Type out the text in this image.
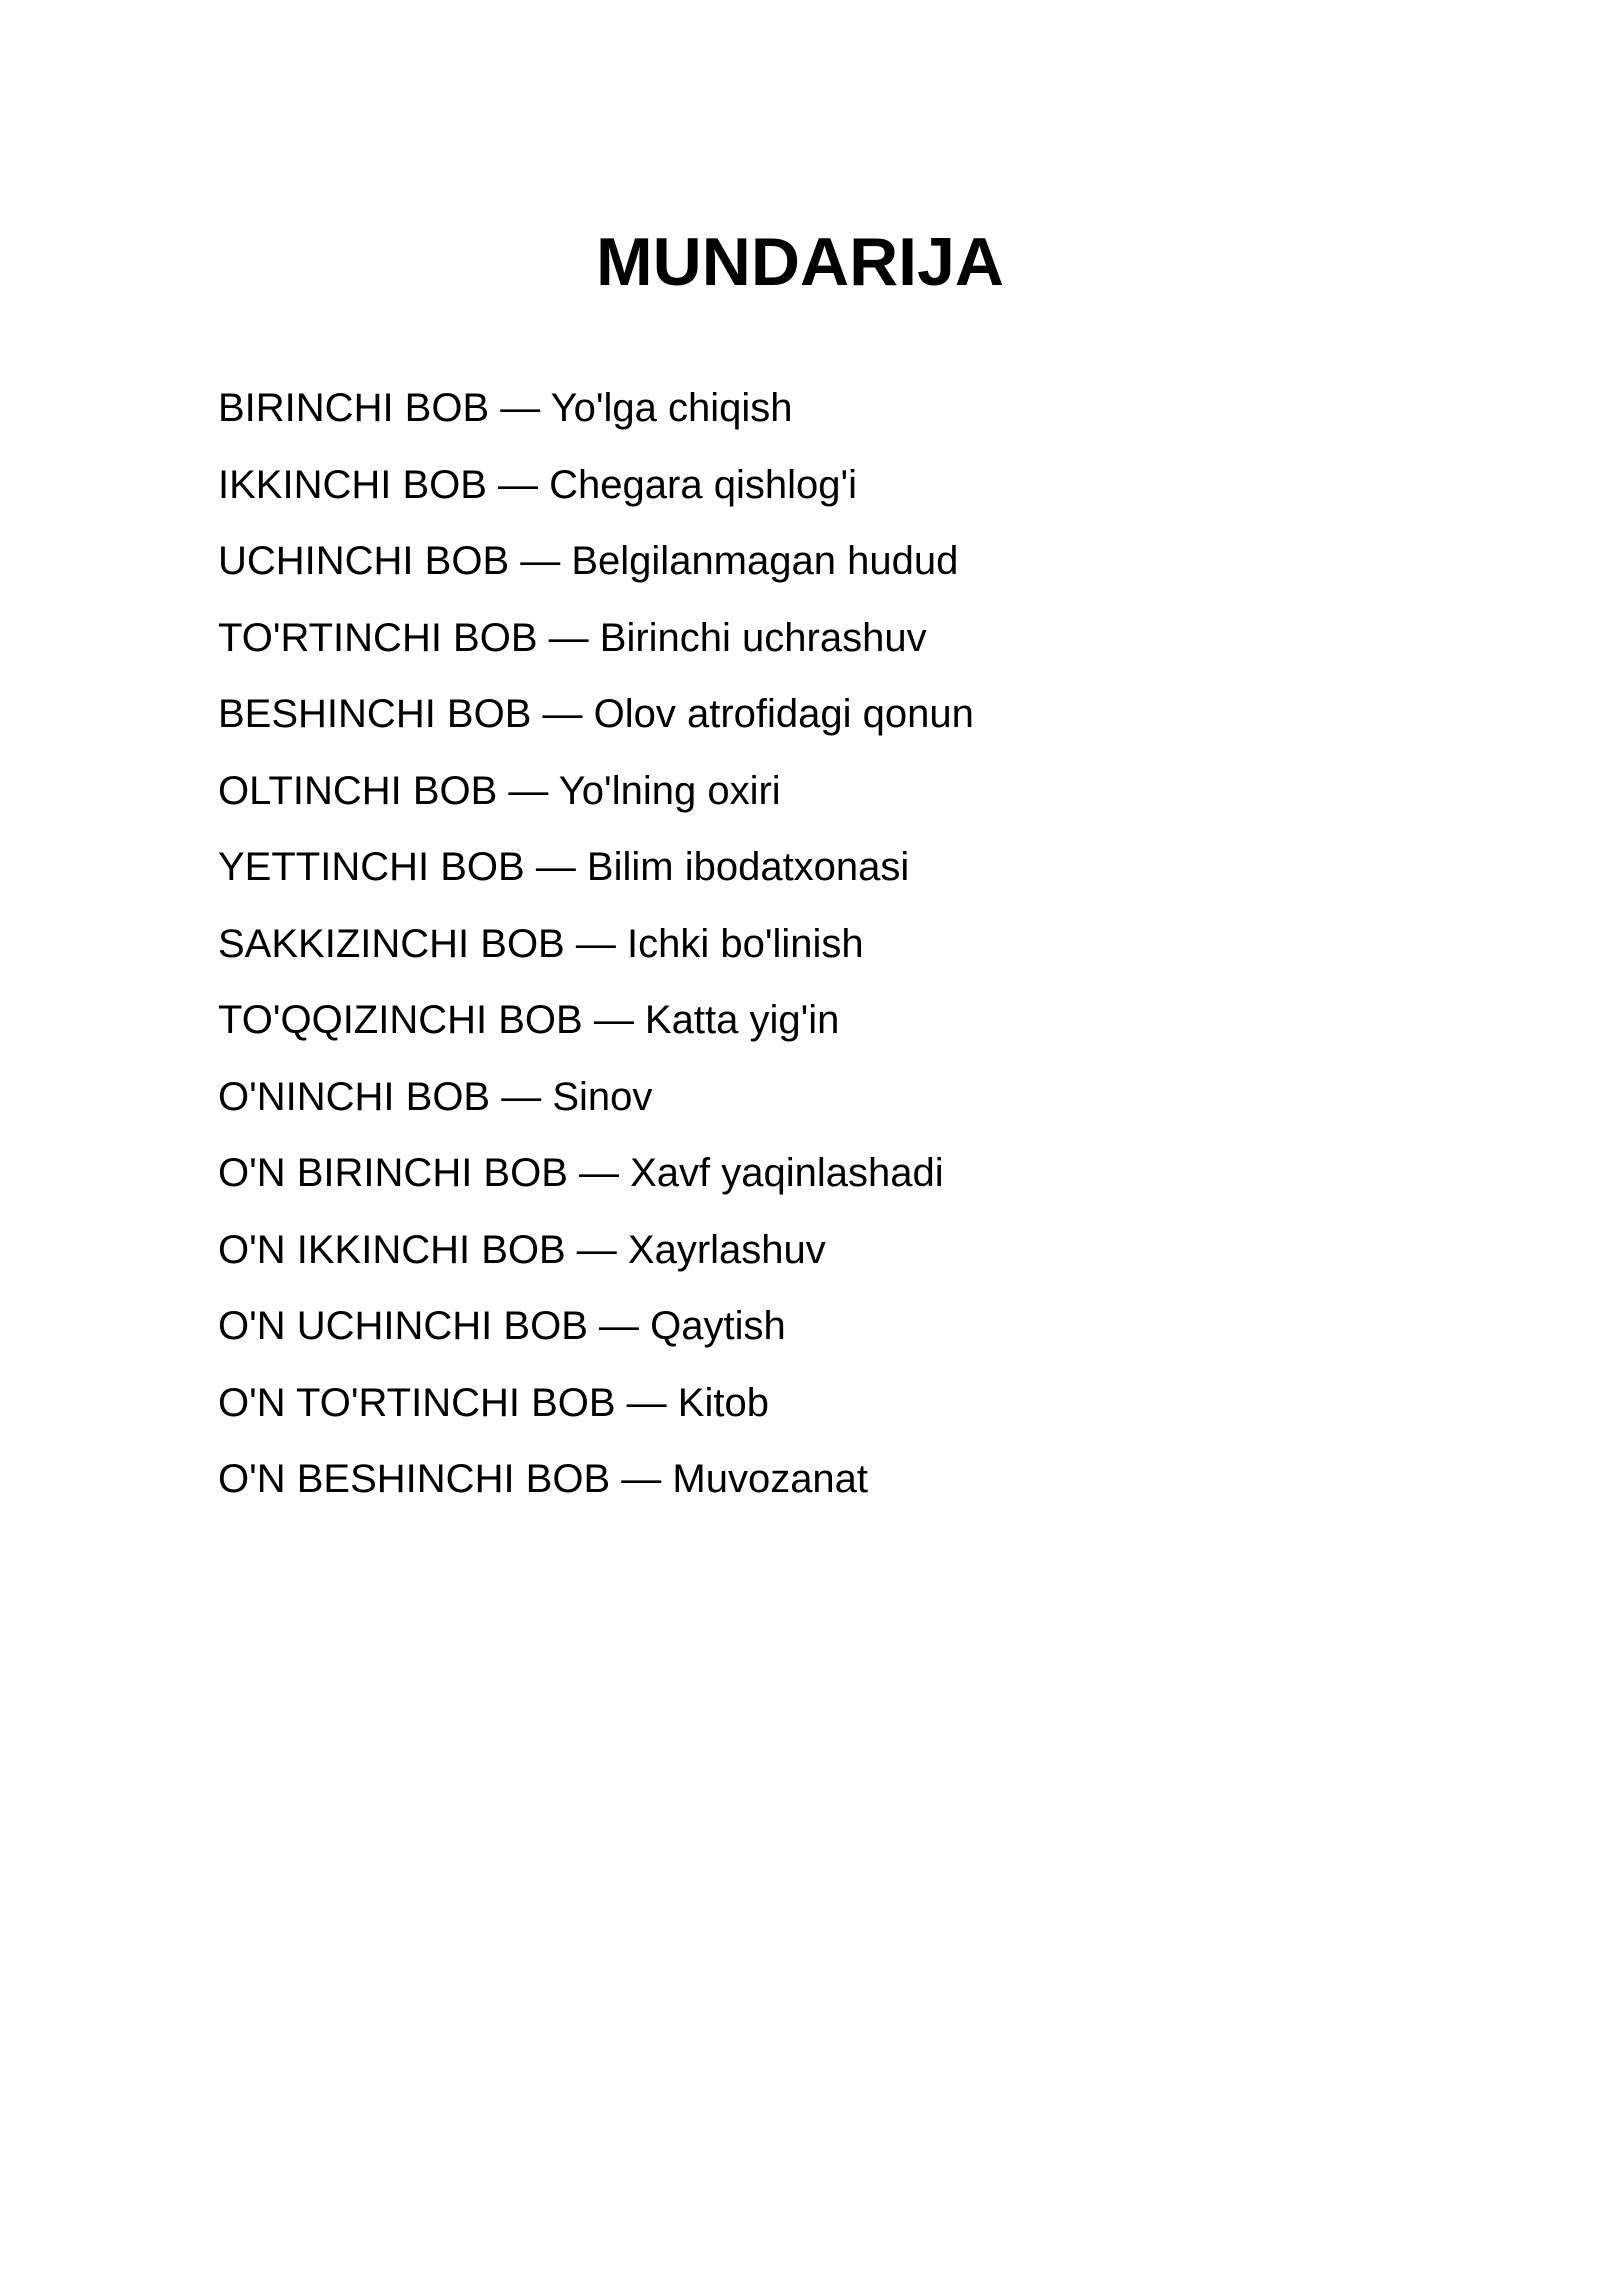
MUNDARIJA
BIRINCHI BOB — Yo'lga chiqish
IKKINCHI BOB — Chegara qishlog'i
UCHINCHI BOB — Belgilanmagan hudud
TO'RTINCHI BOB — Birinchi uchrashuv
BESHINCHI BOB — Olov atrofidagi qonun
OLTINCHI BOB — Yo'lning oxiri
YETTINCHI BOB — Bilim ibodatxonasi
SAKKIZINCHI BOB — Ichki bo'linish
TO'QQIZINCHI BOB — Katta yig'in
O'NINCHI BOB — Sinov
O'N BIRINCHI BOB — Xavf yaqinlashadi
O'N IKKINCHI BOB — Xayrlashuv
O'N UCHINCHI BOB — Qaytish
O'N TO'RTINCHI BOB — Kitob
O'N BESHINCHI BOB — Muvozanat
